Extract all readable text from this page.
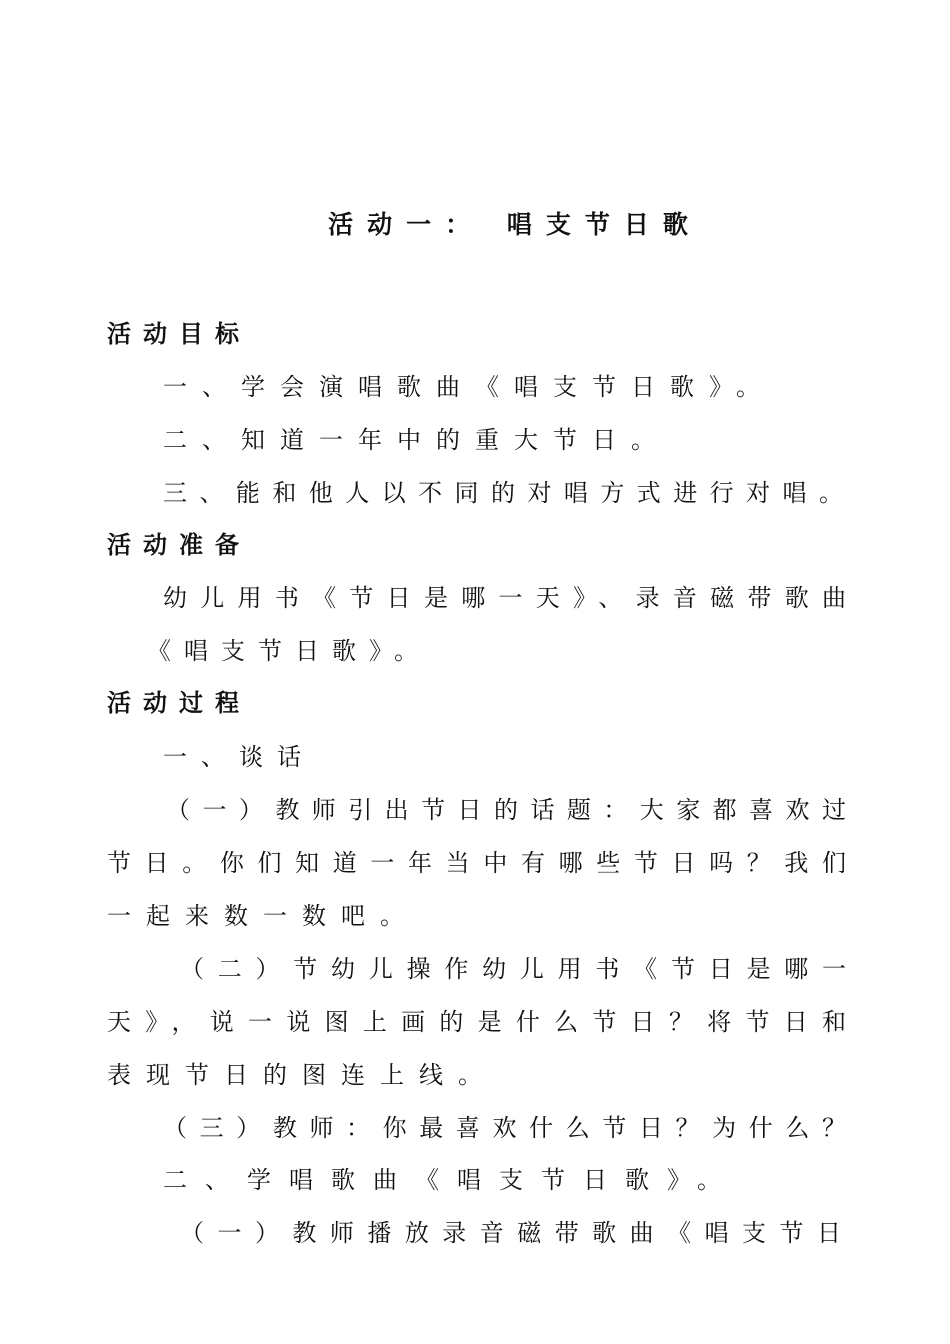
活动一： 唱支节日歌
活动目标
一、学会演唱歌曲《唱支节日歌》。
二、知道一年中的重大节日。
三、能和他人以不同的对唱方式进行对唱。
活动准备
幼儿用书《节日是哪一天》、录音磁带歌曲
《唱支节日歌》。
活动过程
一、谈话
（一）教师引出节日的话题：大家都喜欢过
节日。你们知道一年当中有哪些节日吗？我们
一起来数一数吧。
（二）节幼儿操作幼儿用书《节日是哪一
天》，说一说图上画的是什么节日？将节日和
表现节日的图连上线。
（三）教师：你最喜欢什么节日？为什么？
二、学唱歌曲《唱支节日歌》。
（一）教师播放录音磁带歌曲《唱支节日
